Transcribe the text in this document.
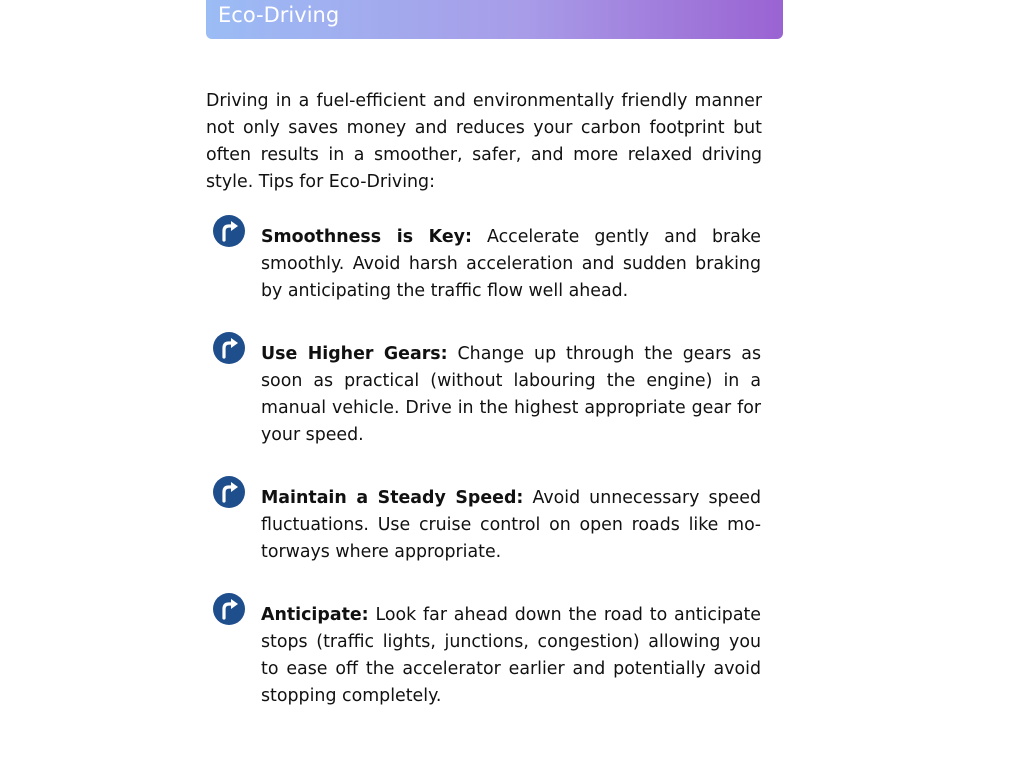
Eco-Driving

Driving in a fuel-efficient and environmentally friendly manner not only saves money and reduces your carbon footprint but often results in a smoother, safer, and more relaxed driving style. Tips for Eco-Driving:

Smoothness is Key: Accelerate gently and brake smoothly. Avoid harsh acceleration and sudden braking by anticipating the traffic flow well ahead.

Use Higher Gears: Change up through the gears as soon as practical (without labouring the engine) in a manual vehicle. Drive in the highest appropriate gear for your speed.

Maintain a Steady Speed: Avoid unnecessary speed fluctuations. Use cruise control on open roads like motorways where appropriate.

Anticipate: Look far ahead down the road to anticipate stops (traffic lights, junctions, congestion) allowing you to ease off the accelerator earlier and potentially avoid stopping completely.
